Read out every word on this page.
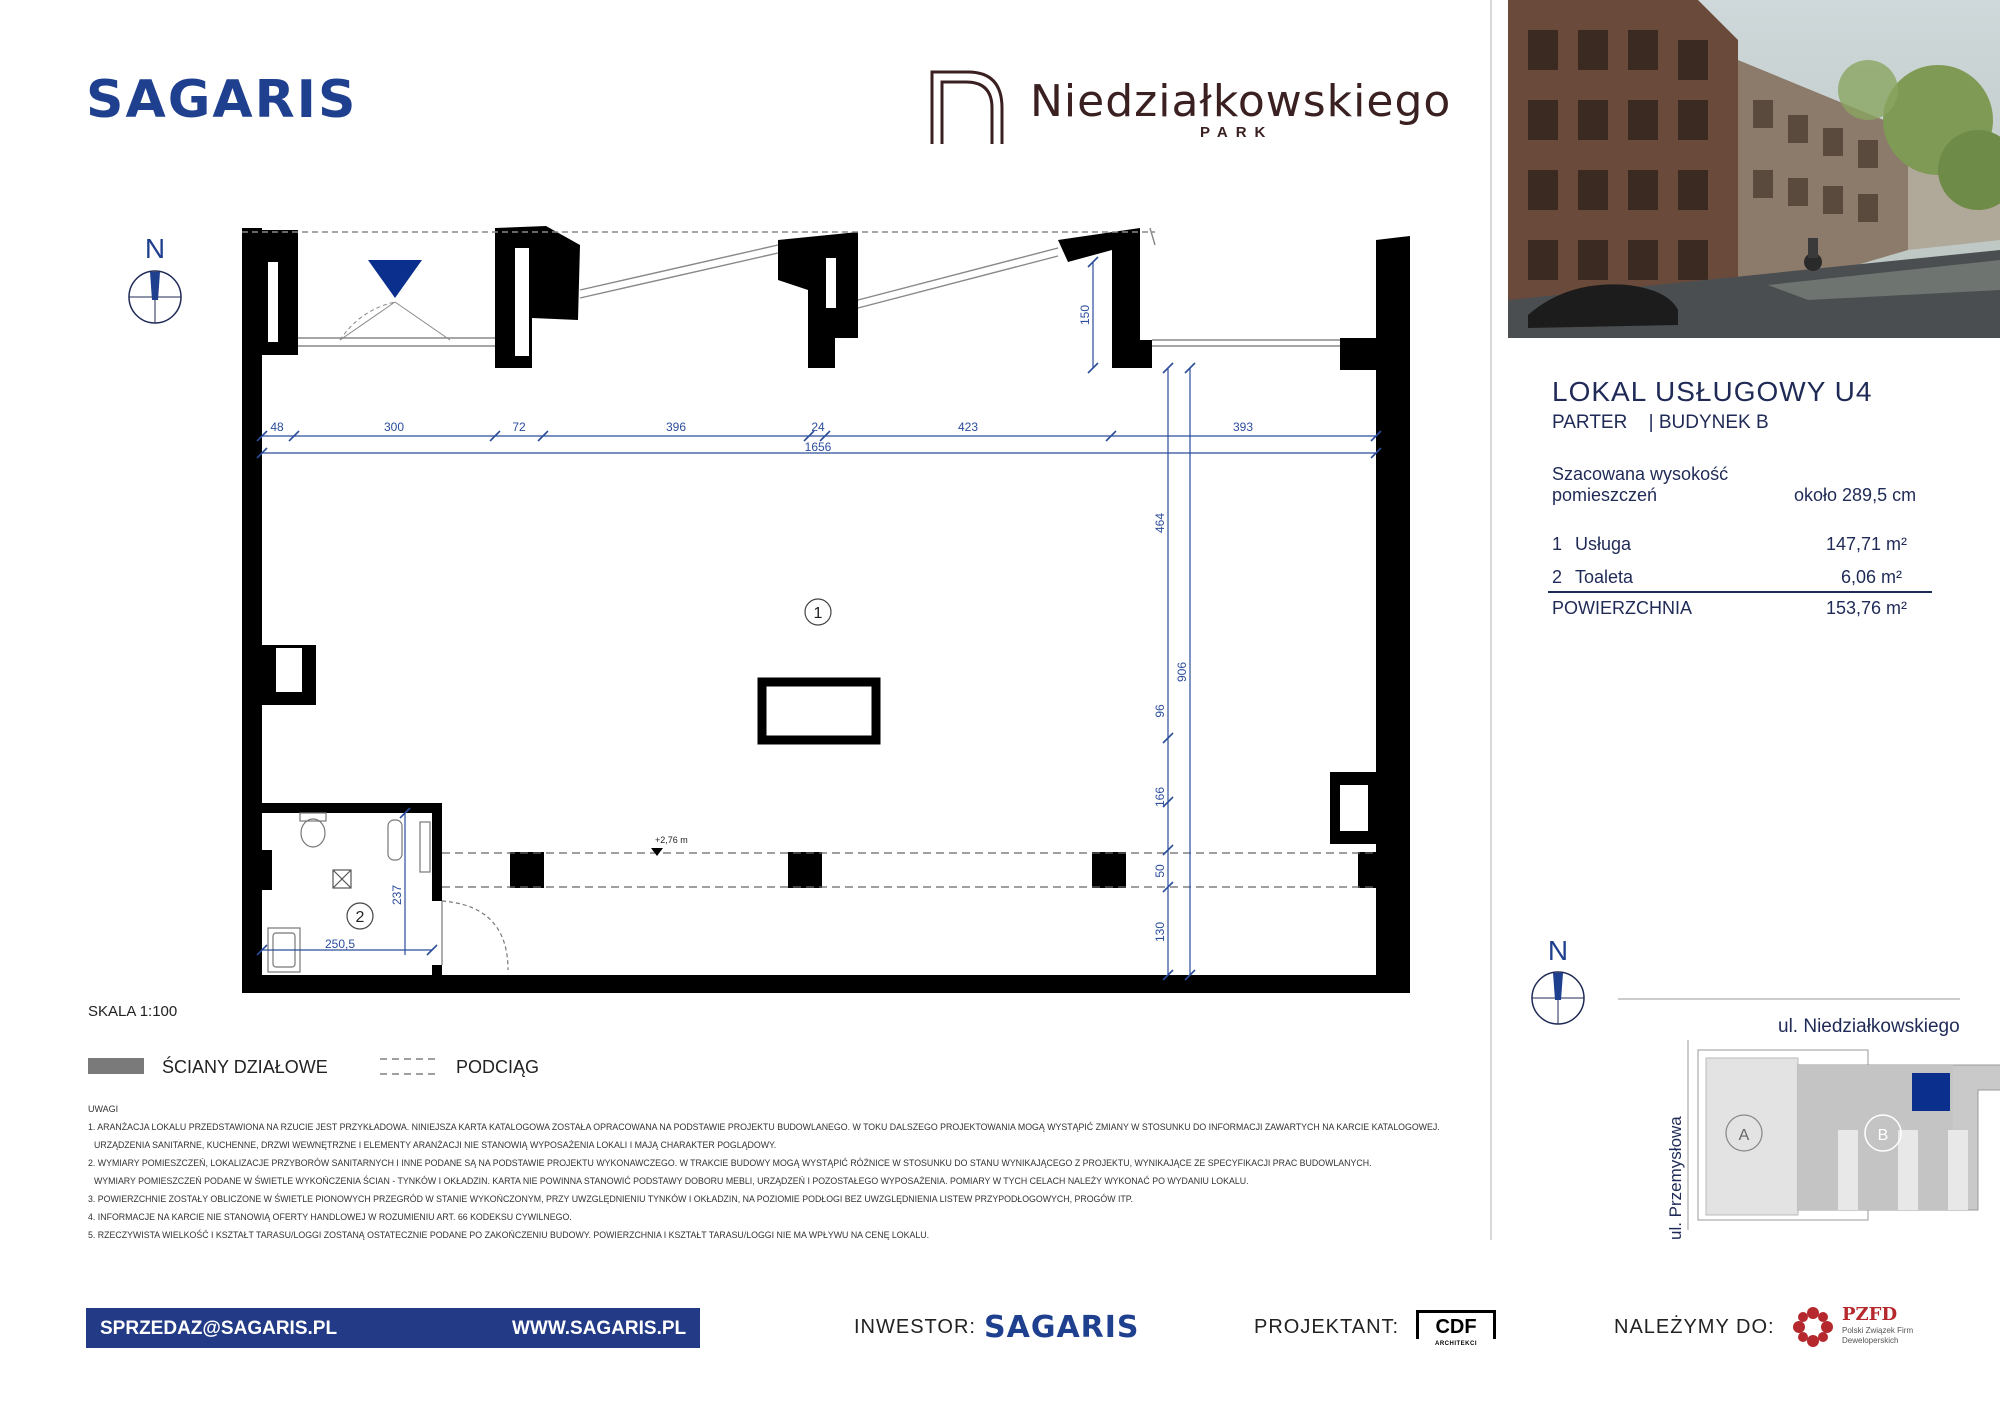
SAGARIS	Niedziałkowskiego
PARK
LOKAL USŁUGOWY U4
PARTER | BUDYNEK B
Szacowana wysokość
pomieszczeń	około 289,5 cm
1 Usługa	147,71 m²
2 Toaleta	6,06 m²
POWIERZCHNIA	153,76 m²
N
+2,76 m
1
2
48	300	72	396	24	423	393
1656
250,5
464
96
166
50
130
906
150
237
SKALA 1:100
ŚCIANY DZIAŁOWE	PODCIĄG
UWAGI
1. ARANŻACJA LOKALU PRZEDSTAWIONA NA RZUCIE JEST PRZYKŁADOWA. NINIEJSZA KARTA KATALOGOWA ZOSTAŁA OPRACOWANA NA PODSTAWIE PROJEKTU BUDOWLANEGO. W TOKU DALSZEGO PROJEKTOWANIA MOGĄ WYSTĄPIĆ ZMIANY W STOSUNKU DO INFORMACJI ZAWARTYCH NA KARCIE KATALOGOWEJ.
URZĄDZENIA SANITARNE, KUCHENNE, DRZWI WEWNĘTRZNE I ELEMENTY ARANŻACJI NIE STANOWIĄ WYPOSAŻENIA LOKALI I MAJĄ CHARAKTER POGLĄDOWY.
2. WYMIARY POMIESZCZEŃ, LOKALIZACJE PRZYBORÓW SANITARNYCH I INNE PODANE SĄ NA PODSTAWIE PROJEKTU WYKONAWCZEGO. W TRAKCIE BUDOWY MOGĄ WYSTĄPIĆ RÓŻNICE W STOSUNKU DO STANU WYNIKAJĄCEGO Z PROJEKTU, WYNIKAJĄCE ZE SPECYFIKACJI PRAC BUDOWLANYCH.
WYMIARY POMIESZCZEŃ PODANE W ŚWIETLE WYKOŃCZENIA ŚCIAN - TYNKÓW I OKŁADZIN. KARTA NIE POWINNA STANOWIĆ PODSTAWY DOBORU MEBLI, URZĄDZEŃ I POZOSTAŁEGO WYPOSAŻENIA. POMIARY W TYCH CELACH NALEŻY WYKONAĆ PO WYDANIU LOKALU.
3. POWIERZCHNIE ZOSTAŁY OBLICZONE W ŚWIETLE PIONOWYCH PRZEGRÓD W STANIE WYKOŃCZONYM, PRZY UWZGLĘDNIENIU TYNKÓW I OKŁADZIN, NA POZIOMIE PODŁOGI BEZ UWZGLĘDNIENIA LISTEW PRZYPODŁOGOWYCH, PROGÓW ITP.
4. INFORMACJE NA KARCIE NIE STANOWIĄ OFERTY HANDLOWEJ W ROZUMIENIU ART. 66 KODEKSU CYWILNEGO.
5. RZECZYWISTA WIELKOŚĆ I KSZTAŁT TARASU/LOGGI ZOSTANĄ OSTATECZNIE PODANE PO ZAKOŃCZENIU BUDOWY. POWIERZCHNIA I KSZTAŁT TARASU/LOGGI NIE MA WPŁYWU NA CENĘ LOKALU.
N
ul. Niedziałkowskiego
ul. Przemysłowa	A	B
SPRZEDAZ@SAGARIS.PL	WWW.SAGARIS.PL	INWESTOR: SAGARIS	PROJEKTANT:	CDF
ARCHITEKCI
NALEŻYMY DO:
PZFD
Polski Związek Firm Deweloperskich
